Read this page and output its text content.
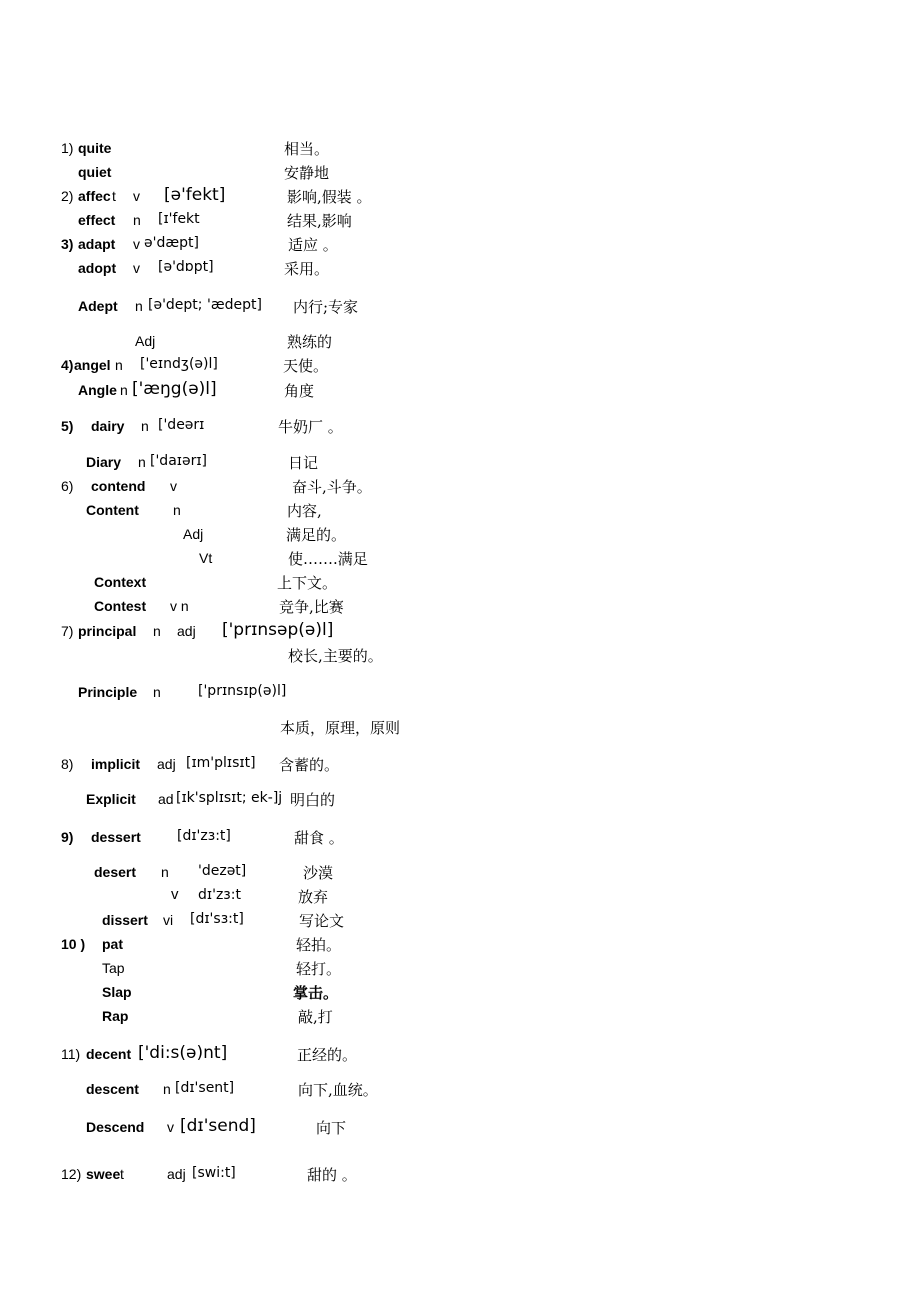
1) quite	相当。
quiet	安静地
2) affec t v [ə'fekt]	影响,假装 。
effect n [ɪ'fekt	结果,影响
3) adapt v ə'dæpt]	适应 。
adopt v [ə'dɒpt]	采用。
Adept n [ə'dept; 'ædept] 内行;专家
Adj	熟练的
4) angel n ['eɪndʒ(ə)l]	天使。
Angle n ['æŋg(ə)l]	角度
5) dairy n ['deərɪ	牛奶厂 。
Diary n ['daɪərɪ]	日记
6) contend v	奋斗,斗争。
Content n	内容,
Adj	满足的。
Vt	使…….满足
Context	上下文。
Contest v n	竞争,比赛
7) principal n adj ['prɪnsəp(ə)l]
校长,主要的。
Principle n	['prɪnsɪp(ə)l]
本质，原理，原则
8) implicit adj [ɪm'plɪsɪt] 含蓄的。
Explicit ad [ɪk'splɪsɪt; ek-]j 明白的
9) dessert	[dɪ'zɜ:t]	甜食 。
desert n 'dezət]	沙漠
v dɪ'zɜ:t	放弃
dissert vi [dɪ'sɜ:t]	写论文
10 ) pat	轻拍。
Tap	轻打。
Slap	掌击。
Rap	敲,打
11) decent ['di:s(ə)nt]	正经的。
descent n [dɪ'sent]	向下,血统。
Descend v [dɪ'send]	向下
12) swee t	adj [swi:t]	甜的 。
